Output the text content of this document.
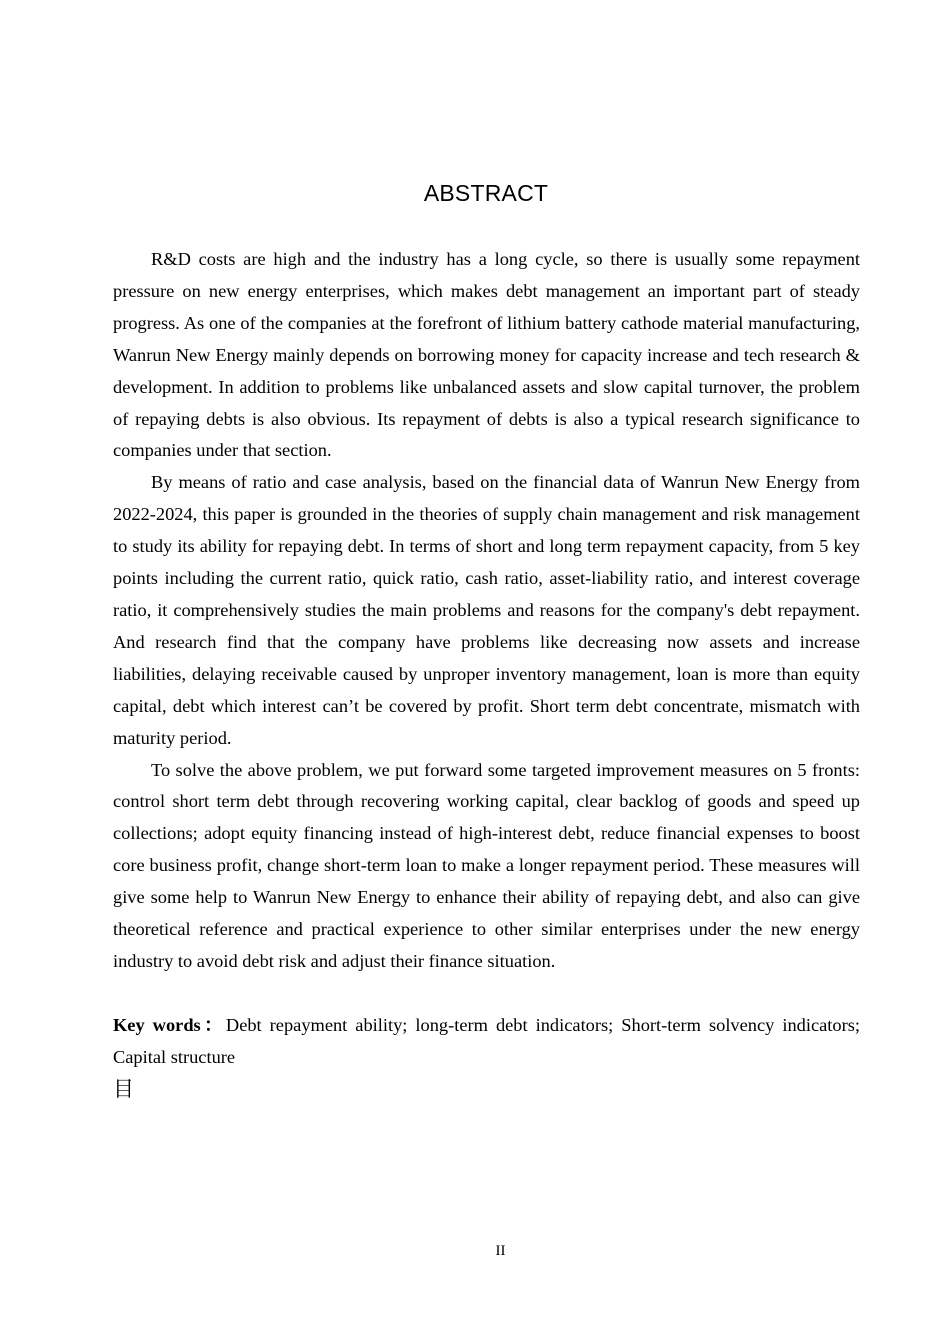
ABSTRACT

R&D costs are high and the industry has a long cycle, so there is usually some repayment pressure on new energy enterprises, which makes debt management an important part of steady progress. As one of the companies at the forefront of lithium battery cathode material manufacturing, Wanrun New Energy mainly depends on borrowing money for capacity increase and tech research & development. In addition to problems like unbalanced assets and slow capital turnover, the problem of repaying debts is also obvious. Its repayment of debts is also a typical research significance to companies under that section.

By means of ratio and case analysis, based on the financial data of Wanrun New Energy from 2022-2024, this paper is grounded in the theories of supply chain management and risk management to study its ability for repaying debt. In terms of short and long term repayment capacity, from 5 key points including the current ratio, quick ratio, cash ratio, asset-liability ratio, and interest coverage ratio, it comprehensively studies the main problems and reasons for the company's debt repayment. And research find that the company have problems like decreasing now assets and increase liabilities, delaying receivable caused by unproper inventory management, loan is more than equity capital, debt which interest can’t be covered by profit. Short term debt concentrate, mismatch with maturity period.

To solve the above problem, we put forward some targeted improvement measures on 5 fronts: control short term debt through recovering working capital, clear backlog of goods and speed up collections; adopt equity financing instead of high-interest debt, reduce financial expenses to boost core business profit, change short-term loan to make a longer repayment period. These measures will give some help to Wanrun New Energy to enhance their ability of repaying debt, and also can give theoretical reference and practical experience to other similar enterprises under the new energy industry to avoid debt risk and adjust their finance situation.

Key words：Debt repayment ability; long-term debt indicators; Short-term solvency indicators; Capital structure

目
II
